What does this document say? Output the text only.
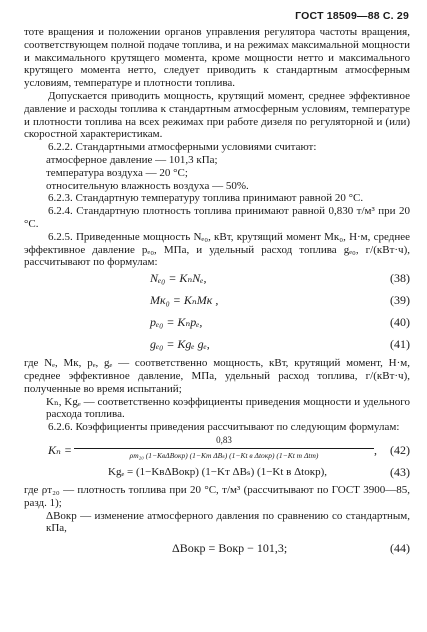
ГОСТ 18509—88 С. 29

тоте вращения и положении органов управления регулятора частоты вращения, соответствующем полной подаче топлива, и на режимах максимальной мощности и максимального крутящего момента, кроме мощности нетто и максимального крутящего момента нетто, следует приводить к стандартным атмосферным условиям, температуре и плотности топлива.

Допускается приводить мощность, крутящий момент, среднее эффективное давление и расходы топлива к стандартным атмосферным условиям, температуре и плотности топлива на всех режимах при работе дизеля по регуляторной и (или) скоростной характеристикам.

6.2.2. Стандартными атмосферными условиями считают:

атмосферное давление — 101,3 кПа;

температура воздуха — 20 °С;

относительную влажность воздуха — 50%.

6.2.3. Стандартную температуру топлива принимают равной 20 °С.

6.2.4. Стандартную плотность топлива принимают равной 0,830 т/м³ при 20 °С.

6.2.5. Приведенные мощность Nₑ₀, кВт, крутящий момент Mк₀, Н·м, среднее эффективное давление pₑ₀, МПа, и удельный расход топлива gₑ₀, г/(кВт·ч), рассчитывают по формулам:

Nₑ₀ = KₙNₑ,	(38)
Mк₀ = KₙMк ,	(39)
pₑ₀ = Kₙpₑ,	(40)
gₑ₀ = Kgₑ gₑ,	(41)

где Nₑ, Mк, pₑ, gₑ — соответственно мощность, кВт, крутящий момент, Н·м, среднее эффективное давление, МПа, удельный расход топлива, г/(кВт·ч), полученные во время испытаний;

Kₙ, Kgₑ — соответственно коэффициенты приведения мощности и удельного расхода топлива.

6.2.6. Коэффициенты приведения рассчитывают по следующим формулам:

Kₙ =
0,83
ρт₂₀ (1−KвΔBокр) (1−Kт ΔBₛ) (1−Kt в Δtокр) (1−Kt т Δtт)	, (42)
Kgₑ = (1−KвΔBокр) (1−Kт ΔBₛ) (1−Kt в Δtокр),	(43)

где ρт₂₀ — плотность топлива при 20 °С, т/м³ (рассчитывают по ГОСТ 3900—85, разд. 1);

ΔBокр — изменение атмосферного давления по сравнению со стандартным, кПа,

ΔBокр = Bокр − 101,3;	(44)
